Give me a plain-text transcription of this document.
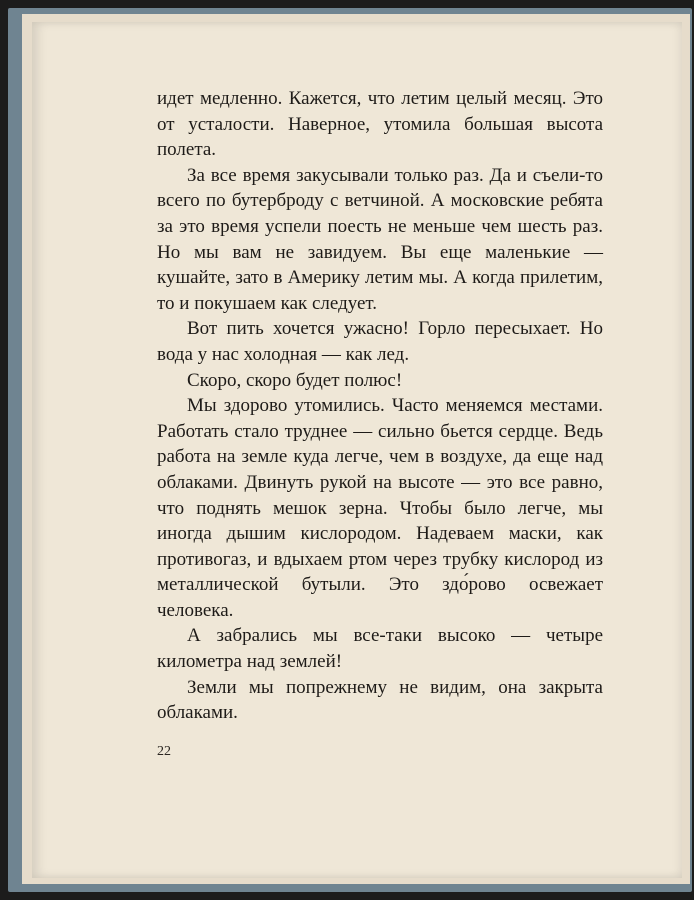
идет медленно. Кажется, что летим целый месяц. Это от усталости. Наверное, утомила большая высота полета.

За все время закусывали только раз. Да и съели-то всего по бутерброду с ветчиной. А московские ребята за это время успели поесть не меньше чем шесть раз. Но мы вам не завидуем. Вы еще маленькие — кушайте, зато в Америку летим мы. А когда прилетим, то и покушаем как следует.

Вот пить хочется ужасно! Горло пересыхает. Но вода у нас холодная — как лед.

Скоро, скоро будет полюс!

Мы здорово утомились. Часто меняемся местами. Работать стало труднее — сильно бьется сердце. Ведь работа на земле куда легче, чем в воздухе, да еще над облаками. Двинуть рукой на высоте — это все равно, что поднять мешок зерна. Чтобы было легче, мы иногда дышим кислородом. Надеваем маски, как противогаз, и вдыхаем ртом через трубку кислород из металлической бутыли. Это здо́рово освежает человека.

А забрались мы все-таки высоко — четыре километра над землей!

Земли мы попрежнему не видим, она закрыта облаками.

22
